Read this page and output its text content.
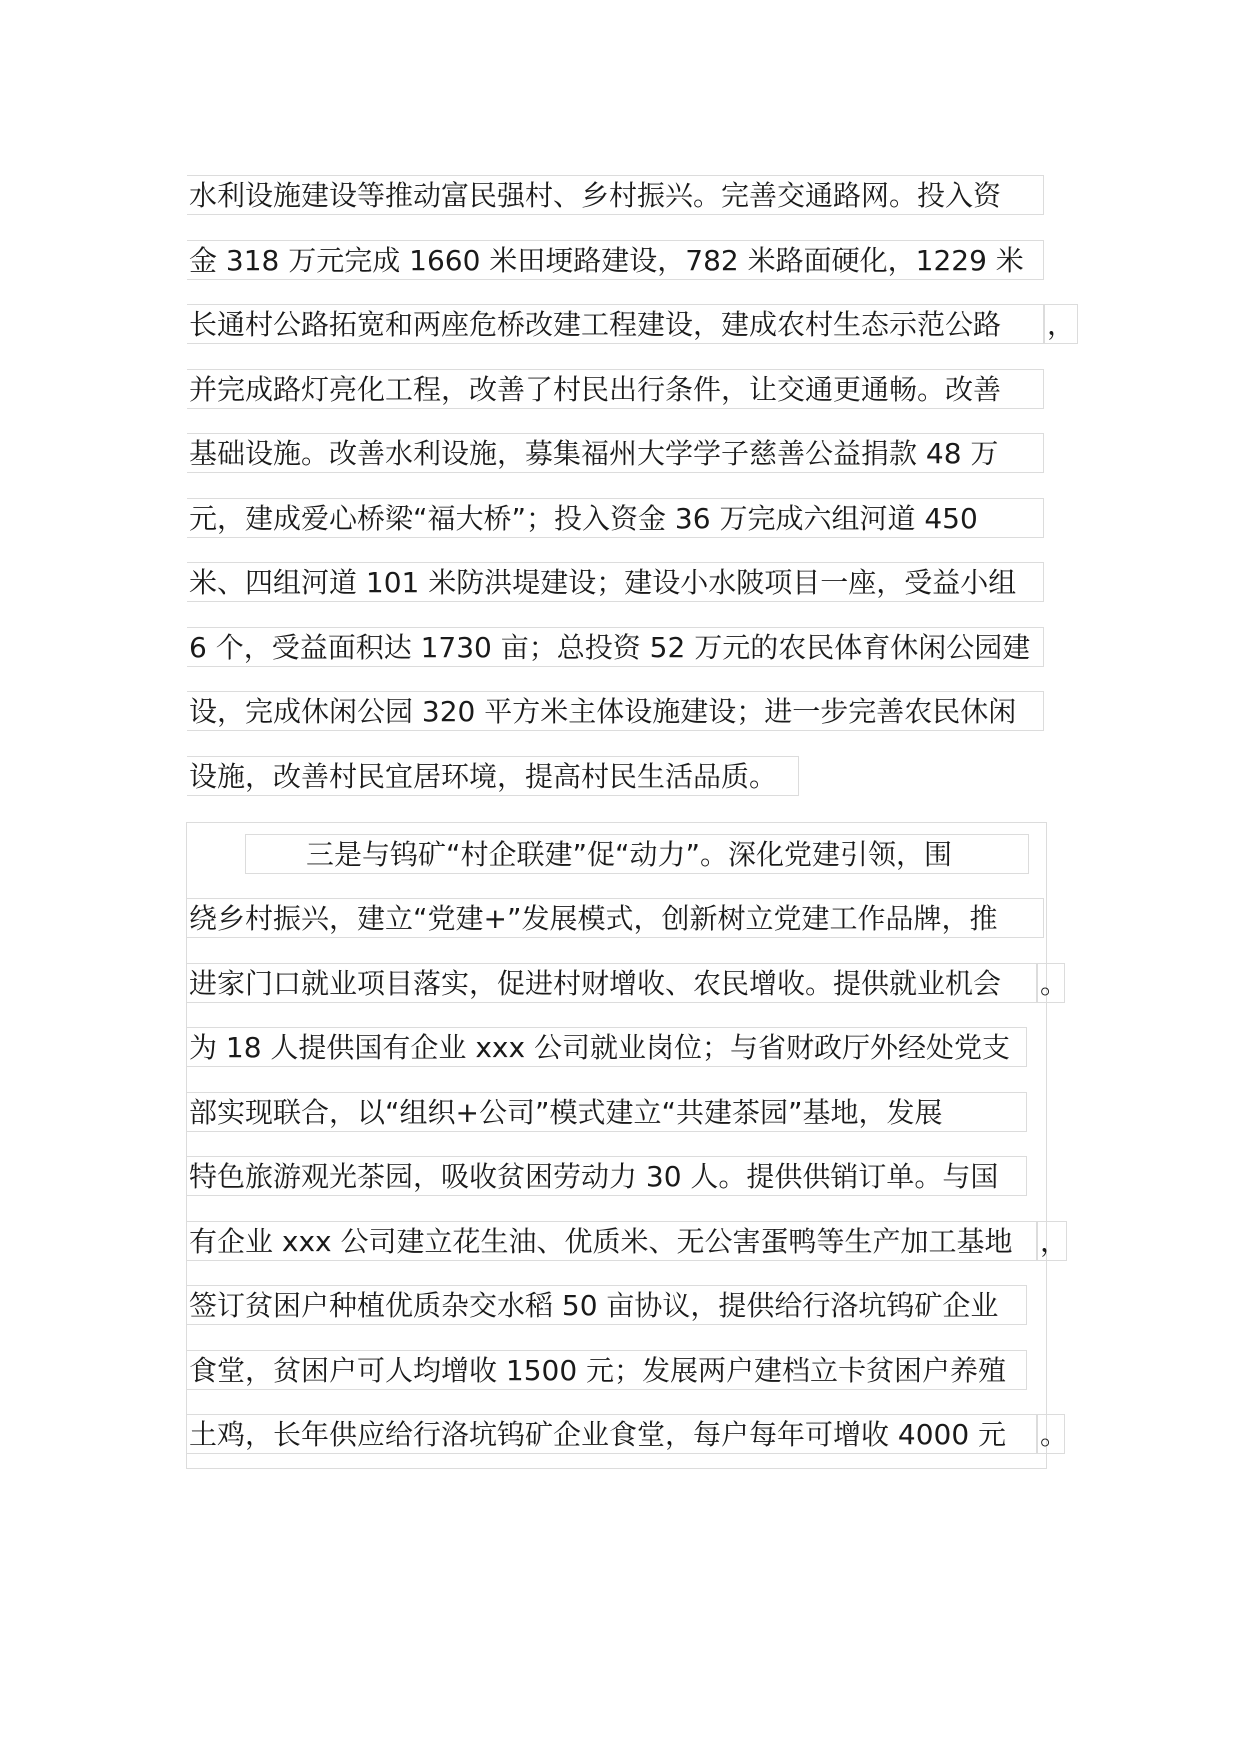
水利设施建设等推动富民强村、乡村振兴。完善交通路网。投入资
金 318 万元完成 1660 米田埂路建设，782 米路面硬化，1229 米
长通村公路拓宽和两座危桥改建工程建设，建成农村生态示范公路	，
并完成路灯亮化工程，改善了村民出行条件，让交通更通畅。改善
基础设施。改善水利设施，募集福州大学学子慈善公益捐款 48 万
元，建成爱心桥梁“福大桥”；投入资金 36 万完成六组河道 450
米、四组河道 101 米防洪堤建设；建设小水陂项目一座，受益小组
6 个，受益面积达 1730 亩；总投资 52 万元的农民体育休闲公园建
设，完成休闲公园 320 平方米主体设施建设；进一步完善农民休闲
设施，改善村民宜居环境，提高村民生活品质。
三是与钨矿“村企联建”促“动力”。深化党建引领，围
绕乡村振兴，建立“党建+”发展模式，创新树立党建工作品牌，推
进家门口就业项目落实，促进村财增收、农民增收。提供就业机会	。
为 18 人提供国有企业 xxx 公司就业岗位；与省财政厅外经处党支
部实现联合，以“组织+公司”模式建立“共建茶园”基地，发展
特色旅游观光茶园，吸收贫困劳动力 30 人。提供供销订单。与国
有企业 xxx 公司建立花生油、优质米、无公害蛋鸭等生产加工基地 ，
签订贫困户种植优质杂交水稻 50 亩协议，提供给行洛坑钨矿企业
食堂，贫困户可人均增收 1500 元；发展两户建档立卡贫困户养殖
土鸡，长年供应给行洛坑钨矿企业食堂，每户每年可增收 4000 元	。
